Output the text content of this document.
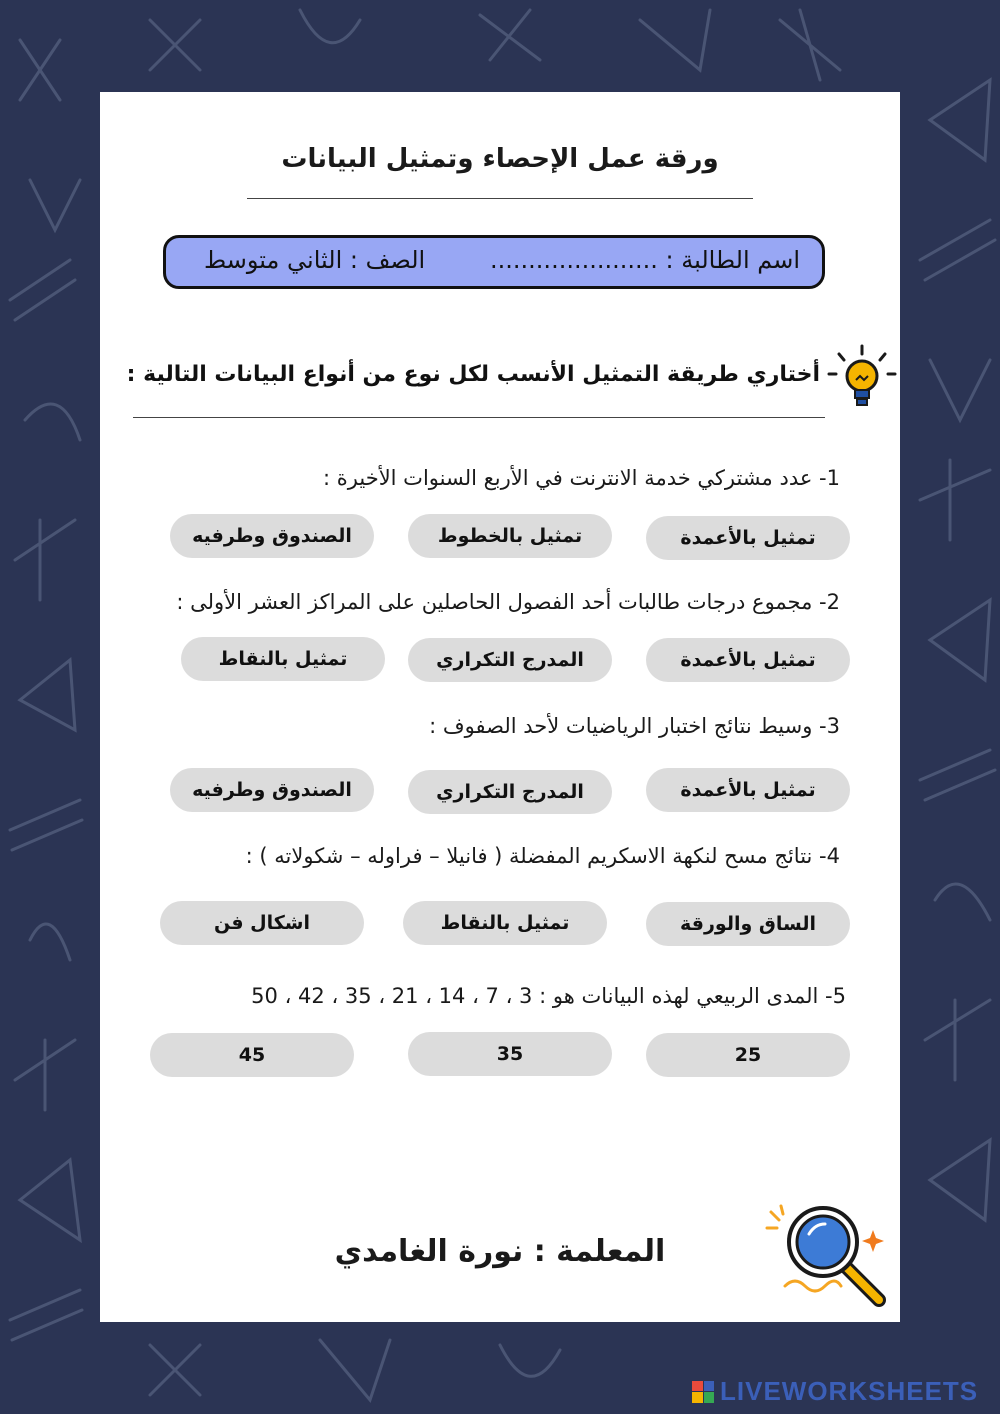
ورقة عمل الإحصاء وتمثيل البيانات
اسم الطالبة : ......................
الصف : الثاني متوسط
أختاري طريقة التمثيل الأنسب لكل نوع من أنواع البيانات التالية :
1- عدد مشتركي خدمة الانترنت في الأربع السنوات الأخيرة :
تمثيل بالأعمدة
تمثيل بالخطوط
الصندوق وطرفيه
2- مجموع درجات طالبات أحد الفصول الحاصلين على المراكز العشر الأولى :
تمثيل بالأعمدة
المدرج التكراري
تمثيل بالنقاط
3- وسيط نتائج اختبار الرياضيات لأحد الصفوف :
تمثيل بالأعمدة
المدرج التكراري
الصندوق وطرفيه
4- نتائج مسح لنكهة الاسكريم المفضلة ( فانيلا – فراوله – شكولاته ) :
الساق والورقة
تمثيل بالنقاط
اشكال فن
5- المدى الربيعي لهذه البيانات هو : 3 ، 7 ، 14 ، 21 ، 35 ، 42 ، 50
25
35
45
المعلمة : نورة الغامدي
LIVEWORKSHEETS
